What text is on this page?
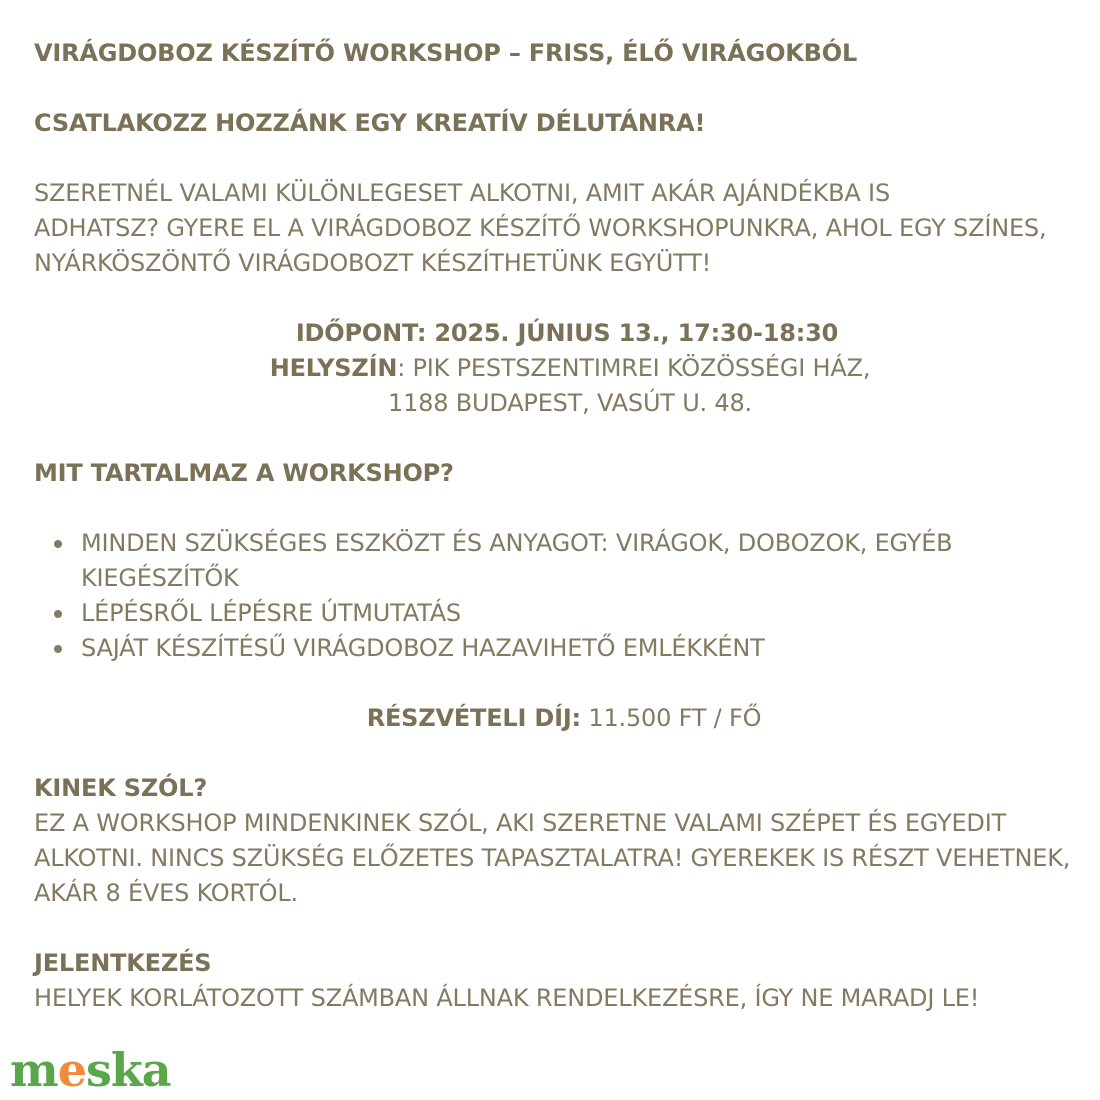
VIRÁGDOBOZ KÉSZÍTŐ WORKSHOP – FRISS, ÉLŐ VIRÁGOKBÓL
CSATLAKOZZ HOZZÁNK EGY KREATÍV DÉLUTÁNRA!
SZERETNÉL VALAMI KÜLÖNLEGESET ALKOTNI, AMIT AKÁR AJÁNDÉKBA IS
ADHATSZ? GYERE EL A VIRÁGDOBOZ KÉSZÍTŐ WORKSHOPUNKRA, AHOL EGY SZÍNES,
NYÁRKÖSZÖNTŐ VIRÁGDOBOZT KÉSZÍTHETÜNK EGYÜTT!
IDŐPONT: 2025. JÚNIUS 13., 17:30-18:30
HELYSZÍN: PIK PESTSZENTIMREI KÖZÖSSÉGI HÁZ,
1188 BUDAPEST, VASÚT U. 48.
MIT TARTALMAZ A WORKSHOP?
MINDEN SZÜKSÉGES ESZKÖZT ÉS ANYAGOT: VIRÁGOK, DOBOZOK, EGYÉB
KIEGÉSZÍTŐK
LÉPÉSRŐL LÉPÉSRE ÚTMUTATÁS
SAJÁT KÉSZÍTÉSŰ VIRÁGDOBOZ HAZAVIHETŐ EMLÉKKÉNT
RÉSZVÉTELI DÍJ: 11.500 FT / FŐ
KINEK SZÓL?
EZ A WORKSHOP MINDENKINEK SZÓL, AKI SZERETNE VALAMI SZÉPET ÉS EGYEDIT
ALKOTNI. NINCS SZÜKSÉG ELŐZETES TAPASZTALATRA! GYEREKEK IS RÉSZT VEHETNEK,
AKÁR 8 ÉVES KORTÓL.
JELENTKEZÉS
HELYEK KORLÁTOZOTT SZÁMBAN ÁLLNAK RENDELKEZÉSRE, ÍGY NE MARADJ LE!
meska
